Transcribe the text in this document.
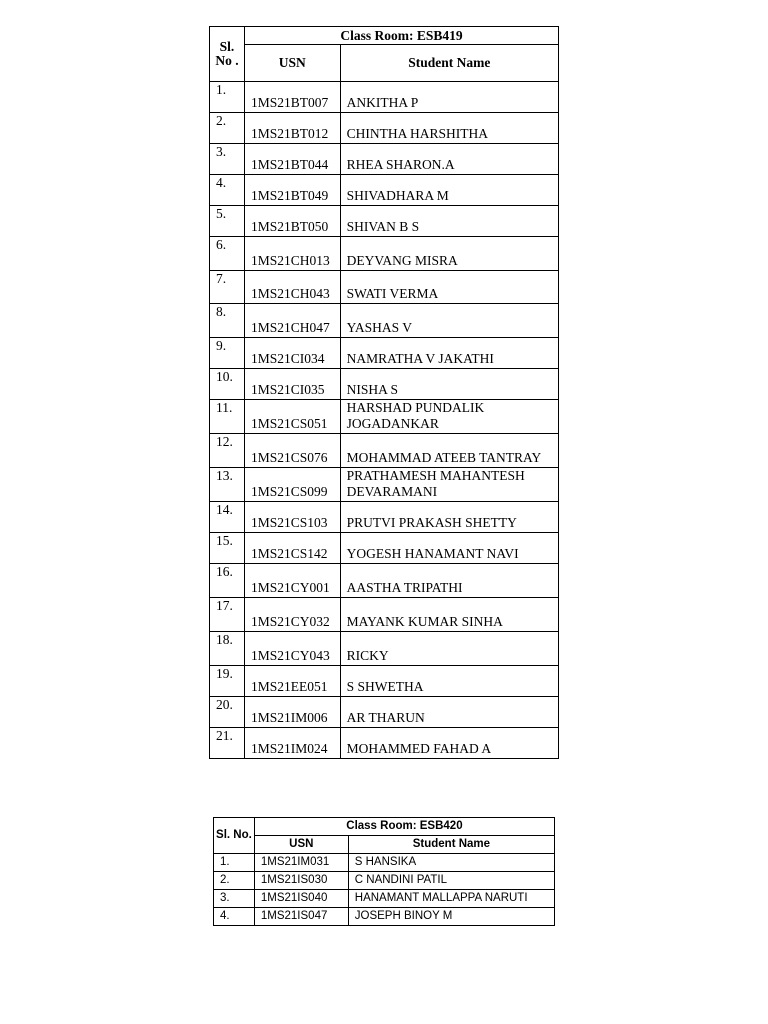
Sl. No .	Class Room: ESB419	
	USN	Student Name
1.	1MS21BT007	ANKITHA P
2.	1MS21BT012	CHINTHA HARSHITHA
3.	1MS21BT044	RHEA SHARON.A
4.	1MS21BT049	SHIVADHARA M
5.	1MS21BT050	SHIVAN B S
6.	1MS21CH013	DEYVANG MISRA
7.	1MS21CH043	SWATI VERMA
8.	1MS21CH047	YASHAS V
9.	1MS21CI034	NAMRATHA V JAKATHI
10.	1MS21CI035	NISHA S
11.	1MS21CS051	HARSHAD PUNDALIK JOGADANKAR
12.	1MS21CS076	MOHAMMAD ATEEB TANTRAY
13.	1MS21CS099	PRATHAMESH MAHANTESH DEVARAMANI
14.	1MS21CS103	PRUTVI PRAKASH SHETTY
15.	1MS21CS142	YOGESH HANAMANT NAVI
16.	1MS21CY001	AASTHA TRIPATHI
17.	1MS21CY032	MAYANK KUMAR SINHA
18.	1MS21CY043	RICKY
19.	1MS21EE051	S SHWETHA
20.	1MS21IM006	AR THARUN
21.	1MS21IM024	MOHAMMED FAHAD A
Sl. No.	Class Room: ESB420	
	USN	Student Name
1.	1MS21IM031	S HANSIKA
2.	1MS21IS030	C NANDINI PATIL
3.	1MS21IS040	HANAMANT MALLAPPA NARUTI
4.	1MS21IS047	JOSEPH BINOY M
